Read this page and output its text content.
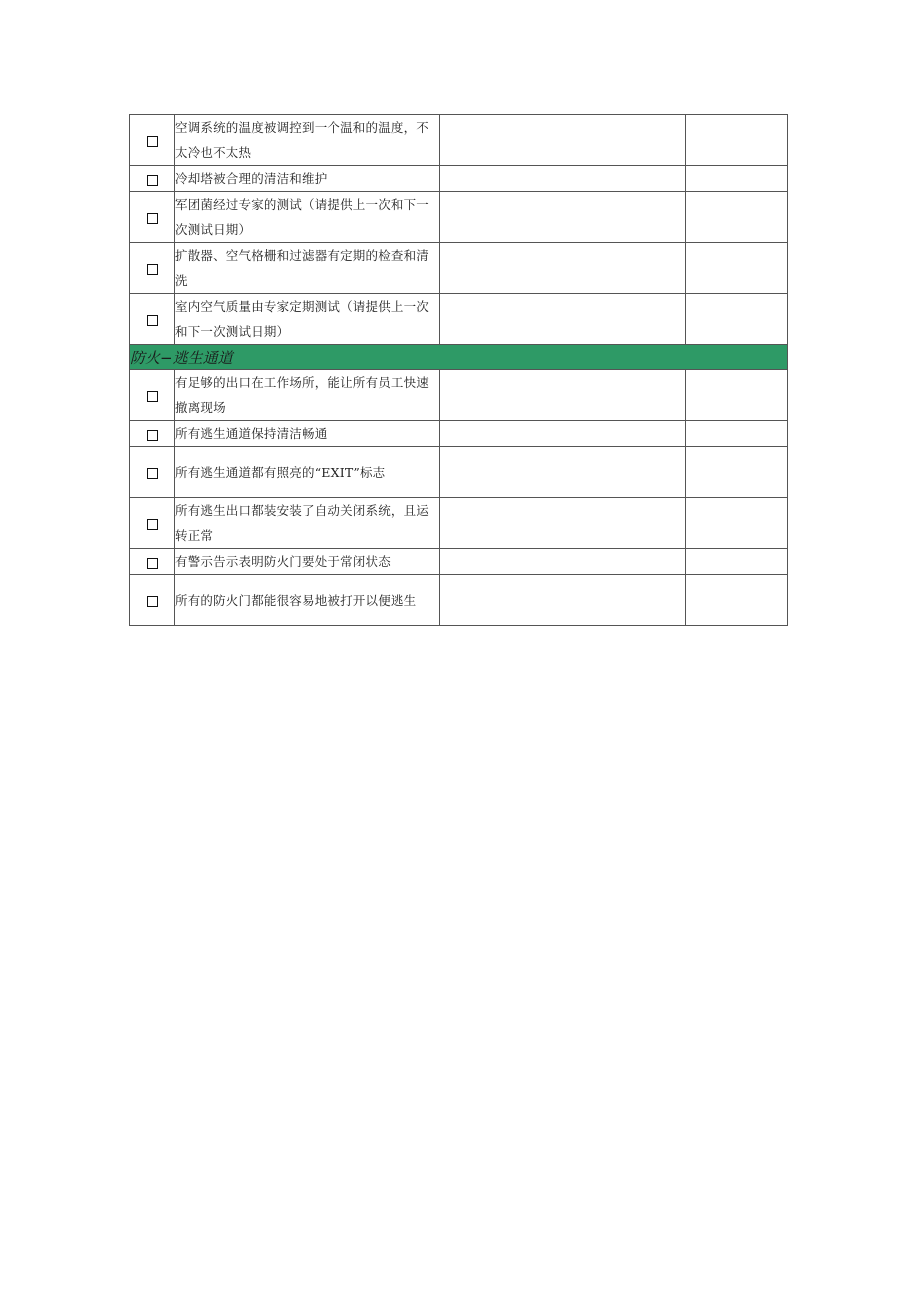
	空调系统的温度被调控到一个温和的温度，不太冷也不太热		
	冷却塔被合理的清洁和维护		
	军团菌经过专家的测试（请提供上一次和下一次测试日期）		
	扩散器、空气格栅和过滤器有定期的检查和清洗		
	室内空气质量由专家定期测试（请提供上一次和下一次测试日期）		
防火−逃生通道			
	有足够的出口在工作场所，能让所有员工快速撤离现场		
	所有逃生通道保持清洁畅通		
	所有逃生通道都有照亮的“EXIT”标志		
	所有逃生出口都装安装了自动关闭系统，且运转正常		
	有警示告示表明防火门要处于常闭状态		
	所有的防火门都能很容易地被打开以便逃生		
